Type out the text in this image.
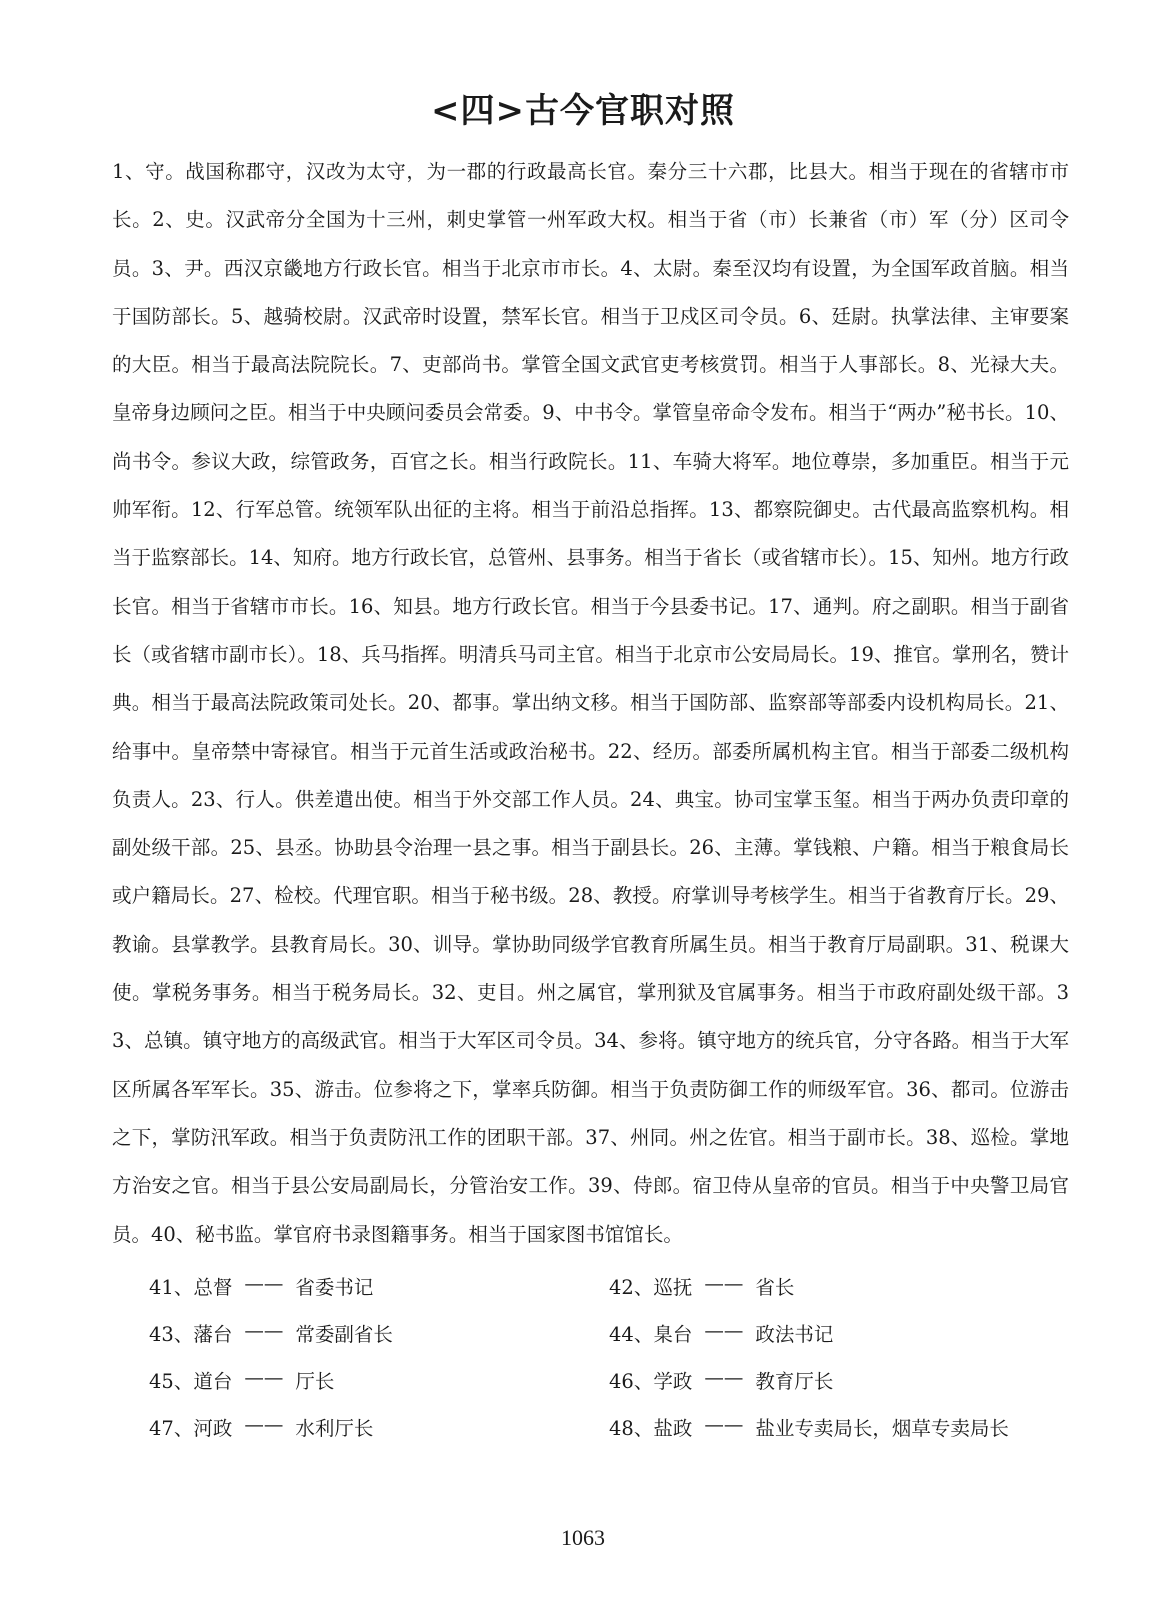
<四>古今官职对照

1、守。战国称郡守，汉改为太守，为一郡的行政最高长官。秦分三十六郡，比县大。相当于现在的省辖市市长。2、史。汉武帝分全国为十三州，刺史掌管一州军政大权。相当于省（市）长兼省（市）军（分）区司令员。3、尹。西汉京畿地方行政长官。相当于北京市市长。4、太尉。秦至汉均有设置，为全国军政首脑。相当于国防部长。5、越骑校尉。汉武帝时设置，禁军长官。相当于卫戍区司令员。6、廷尉。执掌法律、主审要案的大臣。相当于最高法院院长。7、吏部尚书。掌管全国文武官吏考核赏罚。相当于人事部长。8、光禄大夫。皇帝身边顾问之臣。相当于中央顾问委员会常委。9、中书令。掌管皇帝命令发布。相当于“两办”秘书长。10、尚书令。参议大政，综管政务，百官之长。相当行政院长。11、车骑大将军。地位尊崇，多加重臣。相当于元帅军衔。12、行军总管。统领军队出征的主将。相当于前沿总指挥。13、都察院御史。古代最高监察机构。相当于监察部长。14、知府。地方行政长官，总管州、县事务。相当于省长（或省辖市长）。15、知州。地方行政长官。相当于省辖市市长。16、知县。地方行政长官。相当于今县委书记。17、通判。府之副职。相当于副省长（或省辖市副市长）。18、兵马指挥。明清兵马司主官。相当于北京市公安局局长。19、推官。掌刑名，赞计典。相当于最高法院政策司处长。20、都事。掌出纳文移。相当于国防部、监察部等部委内设机构局长。21、给事中。皇帝禁中寄禄官。相当于元首生活或政治秘书。22、经历。部委所属机构主官。相当于部委二级机构负责人。23、行人。供差遣出使。相当于外交部工作人员。24、典宝。协司宝掌玉玺。相当于两办负责印章的副处级干部。25、县丞。协助县令治理一县之事。相当于副县长。26、主薄。掌钱粮、户籍。相当于粮食局长或户籍局长。27、检校。代理官职。相当于秘书级。28、教授。府掌训导考核学生。相当于省教育厅长。29、教谕。县掌教学。县教育局长。30、训导。掌协助同级学官教育所属生员。相当于教育厅局副职。31、税课大使。掌税务事务。相当于税务局长。32、吏目。州之属官，掌刑狱及官属事务。相当于市政府副处级干部。33、总镇。镇守地方的高级武官。相当于大军区司令员。34、参将。镇守地方的统兵官，分守各路。相当于大军区所属各军军长。35、游击。位参将之下，掌率兵防御。相当于负责防御工作的师级军官。36、都司。位游击之下，掌防汛军政。相当于负责防汛工作的团职干部。37、州同。州之佐官。相当于副市长。38、巡检。掌地方治安之官。相当于县公安局副局长，分管治安工作。39、侍郎。宿卫侍从皇帝的官员。相当于中央警卫局官员。40、秘书监。掌官府书录图籍事务。相当于国家图书馆馆长。

41、总督 —— 省委书记	42、巡抚 —— 省长
43、藩台 —— 常委副省长	44、臬台 —— 政法书记
45、道台 —— 厅长	46、学政 —— 教育厅长
47、河政 —— 水利厅长	48、盐政 —— 盐业专卖局长，烟草专卖局长
1063
